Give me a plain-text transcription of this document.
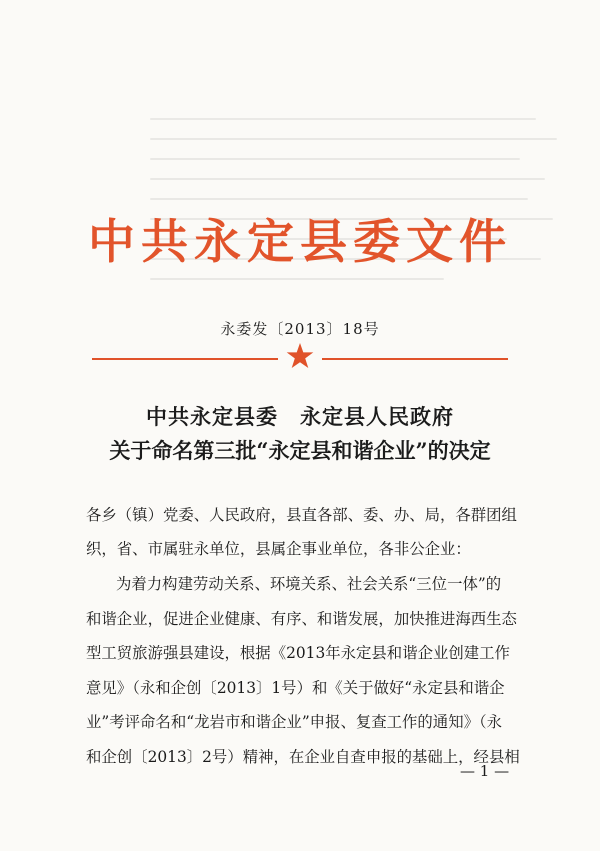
中共永定县委文件
永委发〔2013〕18号
中共永定县委　永定县人民政府
关于命名第三批“永定县和谐企业”的决定
各乡（镇）党委、人民政府，县直各部、委、办、局，各群团组
织，省、市属驻永单位，县属企事业单位，各非公企业：
为着力构建劳动关系、环境关系、社会关系“三位一体”的
和谐企业，促进企业健康、有序、和谐发展，加快推进海西生态
型工贸旅游强县建设，根据《2013年永定县和谐企业创建工作
意见》（永和企创〔2013〕1号）和《关于做好“永定县和谐企
业”考评命名和“龙岩市和谐企业”申报、复查工作的通知》（永
和企创〔2013〕2号）精神，在企业自查申报的基础上，经县相
— 1 —
